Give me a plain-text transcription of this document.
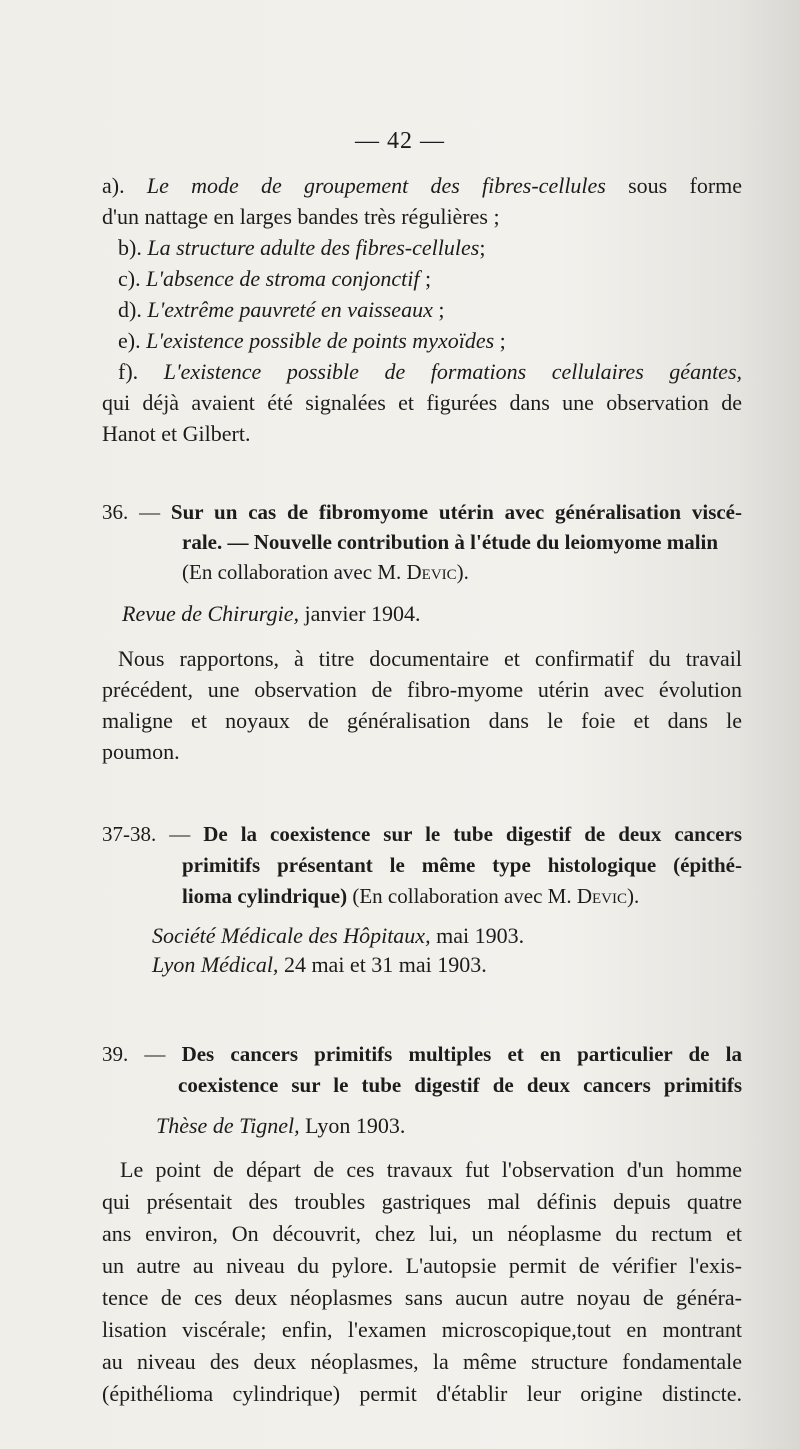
— 42 —
a). Le mode de groupement des fibres-cellules sous forme
d'un nattage en larges bandes très régulières ;
b). La structure adulte des fibres-cellules;
c). L'absence de stroma conjonctif ;
d). L'extrême pauvreté en vaisseaux ;
e). L'existence possible de points myxoïdes ;
f). L'existence possible de formations cellulaires géantes,
qui déjà avaient été signalées et figurées dans une observation de
Hanot et Gilbert.
36. — Sur un cas de fibromyome utérin avec généralisation viscé-
rale. — Nouvelle contribution à l'étude du leiomyome malin
(En collaboration avec M. Devic).
Revue de Chirurgie, janvier 1904.
Nous rapportons, à titre documentaire et confirmatif du travail
précédent, une observation de fibro-myome utérin avec évolution
maligne et noyaux de généralisation dans le foie et dans le
poumon.
37-38. — De la coexistence sur le tube digestif de deux cancers
primitifs présentant le même type histologique (épithé-
lioma cylindrique) (En collaboration avec M. Devic).
Société Médicale des Hôpitaux, mai 1903.
Lyon Médical, 24 mai et 31 mai 1903.
39. — Des cancers primitifs multiples et en particulier de la
coexistence sur le tube digestif de deux cancers primitifs
Thèse de Tignel, Lyon 1903.
Le point de départ de ces travaux fut l'observation d'un homme
qui présentait des troubles gastriques mal définis depuis quatre
ans environ, On découvrit, chez lui, un néoplasme du rectum et
un autre au niveau du pylore. L'autopsie permit de vérifier l'exis-
tence de ces deux néoplasmes sans aucun autre noyau de généra-
lisation viscérale; enfin, l'examen microscopique,tout en montrant
au niveau des deux néoplasmes, la même structure fondamentale
(épithélioma cylindrique) permit d'établir leur origine distincte.
